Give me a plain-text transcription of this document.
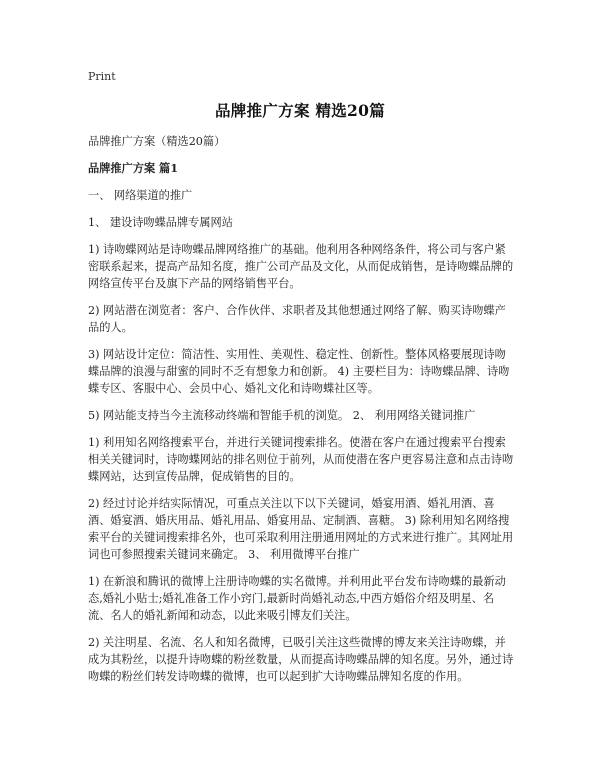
Print
品牌推广方案 精选20篇

品牌推广方案（精选20篇）

品牌推广方案 篇1

一、 网络渠道的推广

1、 建设诗吻蝶品牌专属网站

1) 诗吻蝶网站是诗吻蝶品牌网络推广的基础。他利用各种网络条件，将公司与客户紧密联系起来，提高产品知名度，推广公司产品及文化，从而促成销售，是诗吻蝶品牌的网络宣传平台及旗下产品的网络销售平台。

2) 网站潜在浏览者：客户、合作伙伴、求职者及其他想通过网络了解、购买诗吻蝶产品的人。

3) 网站设计定位：简洁性、实用性、美观性、稳定性、创新性。整体风格要展现诗吻蝶品牌的浪漫与甜蜜的同时不乏有想象力和创新。 4) 主要栏目为：诗吻蝶品牌、诗吻蝶专区、客服中心、会员中心、婚礼文化和诗吻蝶社区等。

5) 网站能支持当今主流移动终端和智能手机的浏览。 2、 利用网络关键词推广

1) 利用知名网络搜索平台，并进行关键词搜索排名。使潜在客户在通过搜索平台搜索相关关键词时，诗吻蝶网站的排名则位于前列，从而使潜在客户更容易注意和点击诗吻蝶网站，达到宣传品牌，促成销售的目的。

2) 经过讨论并结实际情况，可重点关注以下以下关键词，婚宴用酒、婚礼用酒、喜酒、婚宴酒、婚庆用品、婚礼用品、婚宴用品、定制酒、喜糖。 3) 除利用知名网络搜索平台的关键词搜索排名外，也可采取利用注册通用网址的方式来进行推广。其网址用词也可参照搜索关键词来确定。 3、 利用微博平台推广

1) 在新浪和腾讯的微博上注册诗吻蝶的实名微博。并利用此平台发布诗吻蝶的最新动态,婚礼小贴士;婚礼准备工作小窍门,最新时尚婚礼动态,中西方婚俗介绍及明星、名流、名人的婚礼新闻和动态，以此来吸引博友们关注。

2) 关注明星、名流、名人和知名微博，已吸引关注这些微博的博友来关注诗吻蝶，并成为其粉丝，以提升诗吻蝶的粉丝数量，从而提高诗吻蝶品牌的知名度。另外，通过诗吻蝶的粉丝们转发诗吻蝶的微博，也可以起到扩大诗吻蝶品牌知名度的作用。
